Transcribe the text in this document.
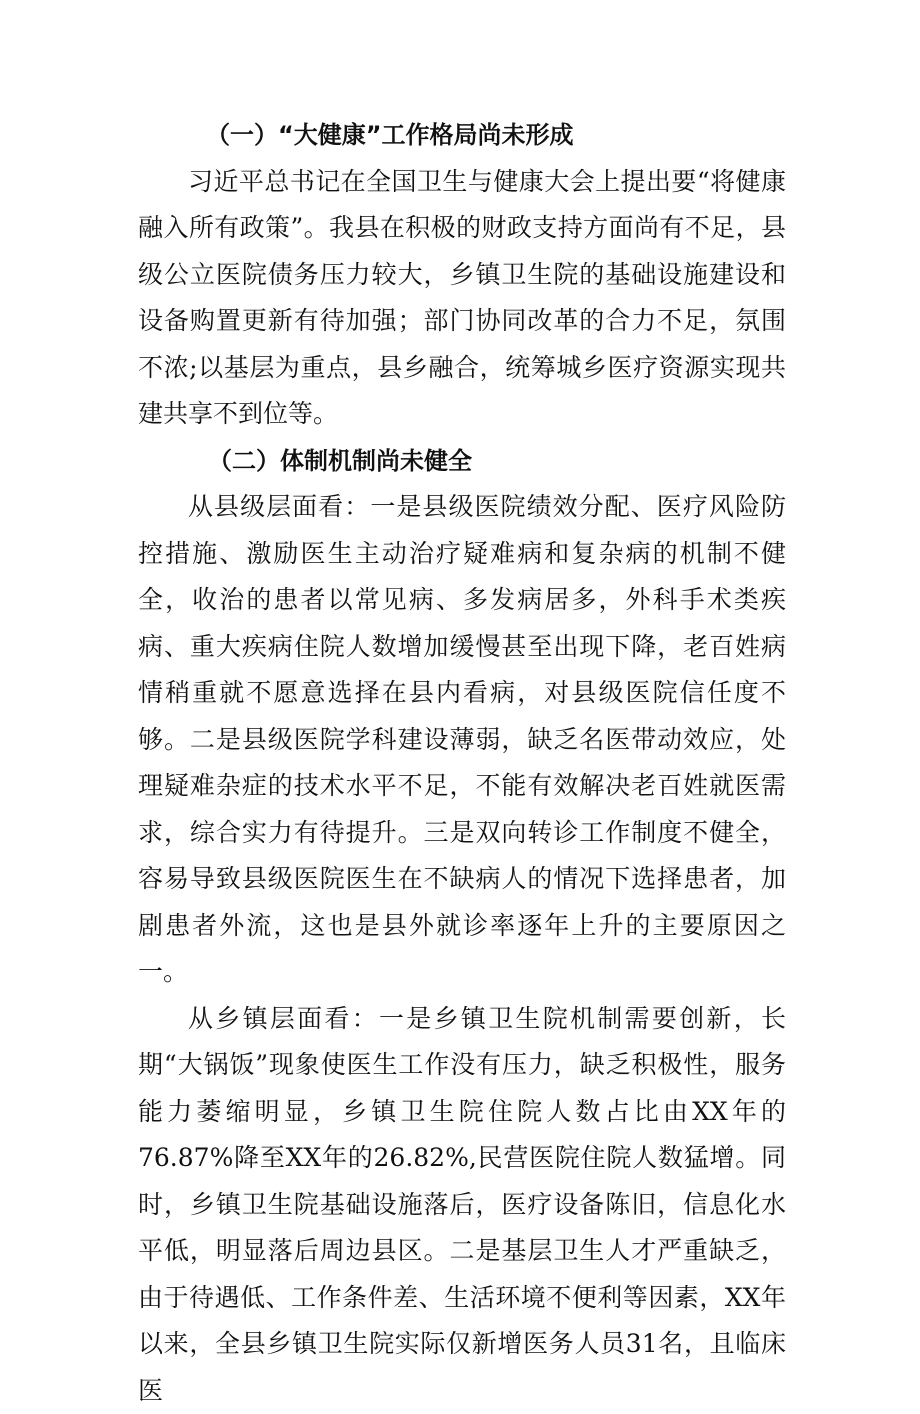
（一）“大健康”工作格局尚未形成

习近平总书记在全国卫生与健康大会上提出要“将健康融入所有政策”。我县在积极的财政支持方面尚有不足，县级公立医院债务压力较大，乡镇卫生院的基础设施建设和设备购置更新有待加强；部门协同改革的合力不足，氛围不浓;以基层为重点，县乡融合，统筹城乡医疗资源实现共建共享不到位等。

（二）体制机制尚未健全

从县级层面看：一是县级医院绩效分配、医疗风险防控措施、激励医生主动治疗疑难病和复杂病的机制不健全，收治的患者以常见病、多发病居多，外科手术类疾病、重大疾病住院人数增加缓慢甚至出现下降，老百姓病情稍重就不愿意选择在县内看病，对县级医院信任度不够。二是县级医院学科建设薄弱，缺乏名医带动效应，处理疑难杂症的技术水平不足，不能有效解决老百姓就医需求，综合实力有待提升。三是双向转诊工作制度不健全，容易导致县级医院医生在不缺病人的情况下选择患者，加剧患者外流，这也是县外就诊率逐年上升的主要原因之一。

从乡镇层面看：一是乡镇卫生院机制需要创新，长期“大锅饭”现象使医生工作没有压力，缺乏积极性，服务能力萎缩明显，乡镇卫生院住院人数占比由XX年的76.87%降至XX年的26.82%,民营医院住院人数猛增。同时，乡镇卫生院基础设施落后，医疗设备陈旧，信息化水平低，明显落后周边县区。二是基层卫生人才严重缺乏，由于待遇低、工作条件差、生活环境不便利等因素，XX年以来，全县乡镇卫生院实际仅新增医务人员31名，且临床医
